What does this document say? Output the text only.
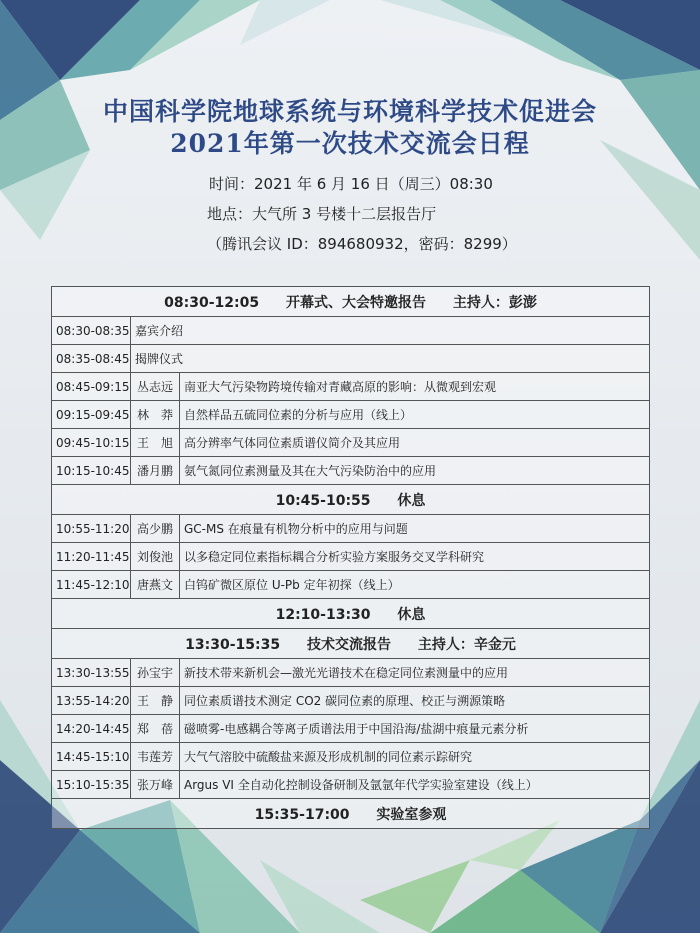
中国科学院地球系统与环境科学技术促进会
2021年第一次技术交流会日程
时间：2021 年 6 月 16 日（周三）08:30
地点：大气所 3 号楼十二层报告厅
（腾讯会议 ID：894680932，密码：8299）
08:30-12:05 开幕式、大会特邀报告 主持人：彭澎		
08:30-08:35	嘉宾介绍	
08:35-08:45	揭牌仪式	
08:45-09:15	丛志远	南亚大气污染物跨境传输对青藏高原的影响：从微观到宏观
09:15-09:45	林　莽	自然样品五硫同位素的分析与应用（线上）
09:45-10:15	王　旭	高分辨率气体同位素质谱仪简介及其应用
10:15-10:45	潘月鹏	氨气氮同位素测量及其在大气污染防治中的应用
10:45-10:55 休息		
10:55-11:20	高少鹏	GC-MS 在痕量有机物分析中的应用与问题
11:20-11:45	刘俊池	以多稳定同位素指标耦合分析实验方案服务交叉学科研究
11:45-12:10	唐燕文	白钨矿微区原位 U-Pb 定年初探（线上）
12:10-13:30 休息		
13:30-15:35 技术交流报告 主持人：辛金元		
13:30-13:55	孙宝宇	新技术带来新机会—激光光谱技术在稳定同位素测量中的应用
13:55-14:20	王　静	同位素质谱技术测定 CO2 碳同位素的原理、校正与溯源策略
14:20-14:45	郑　蓓	磁喷雾-电感耦合等离子质谱法用于中国沿海/盐湖中痕量元素分析
14:45-15:10	韦莲芳	大气气溶胶中硫酸盐来源及形成机制的同位素示踪研究
15:10-15:35	张万峰	Argus VI 全自动化控制设备研制及氩氩年代学实验室建设（线上）
15:35-17:00 实验室参观		
